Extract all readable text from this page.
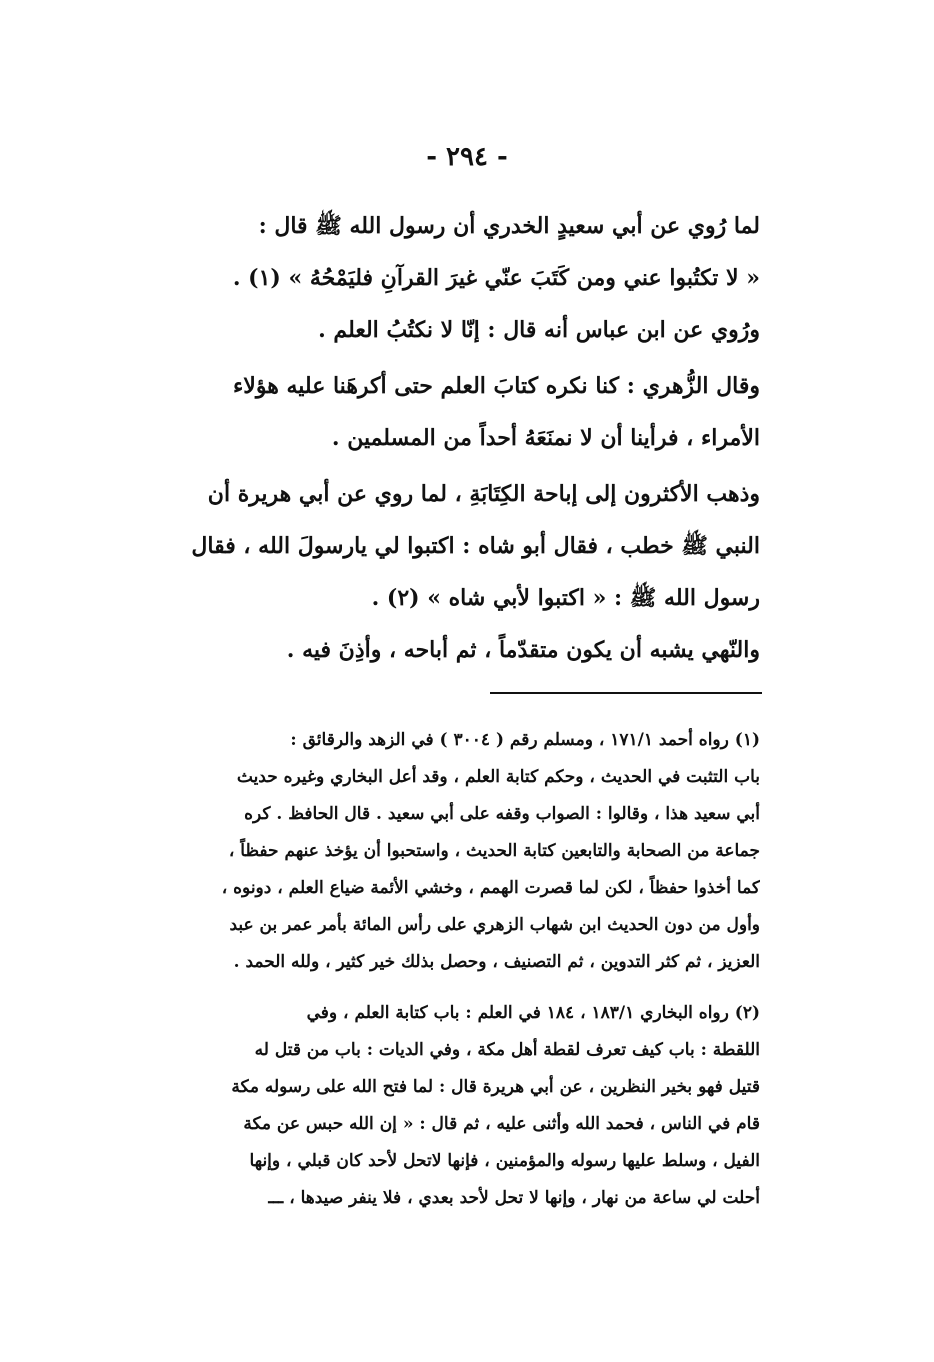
- ٢٩٤ -
لما رُوي عن أبي سعيدٍ الخدري أن رسول الله ﷺ قال :
« لا تكتُبوا عني ومن كَتَبَ عنّي غيرَ القرآنِ فليَمْحُهُ » (١) .
ورُوي عن ابن عباس أنه قال : إنّا لا نكتُبُ العلم .
وقال الزُّهري : كنا نكره كتابَ العلم حتى أكرهَنا عليه هؤلاء
الأمراء ، فرأينا أن لا نمنَعَهُ أحداً من المسلمين .
وذهب الأكثرون إلى إباحة الكِتَابَةِ ، لما روي عن أبي هريرة أن
النبي ﷺ خطب ، فقال أبو شاه : اكتبوا لي يارسولَ الله ، فقال
رسول الله ﷺ : « اكتبوا لأبي شاه » (٢) .
والنّهي يشبه أن يكون متقدّماً ، ثم أباحه ، وأذِنَ فيه .
(١) رواه أحمد ١٧١/١ ، ومسلم رقم ( ٣٠٠٤ ) في الزهد والرقائق :
باب التثبت في الحديث ، وحكم كتابة العلم ، وقد أعل البخاري وغيره حديث
أبي سعيد هذا ، وقالوا : الصواب وقفه على أبي سعيد . قال الحافظ . كره
جماعة من الصحابة والتابعين كتابة الحديث ، واستحبوا أن يؤخذ عنهم حفظاً ،
كما أخذوا حفظاً ، لكن لما قصرت الهمم ، وخشي الأئمة ضياع العلم ، دونوه ،
وأول من دون الحديث ابن شهاب الزهري على رأس المائة بأمر عمر بن عبد
العزيز ، ثم كثر التدوين ، ثم التصنيف ، وحصل بذلك خير كثير ، ولله الحمد .
(٢) رواه البخاري ١٨٣/١ ، ١٨٤ في العلم : باب كتابة العلم ، وفي
اللقطة : باب كيف تعرف لقطة أهل مكة ، وفي الديات : باب من قتل له
قتيل فهو بخير النظرين ، عن أبي هريرة قال : لما فتح الله على رسوله مكة
قام في الناس ، فحمد الله وأثنى عليه ، ثم قال : « إن الله حبس عن مكة
الفيل ، وسلط عليها رسوله والمؤمنين ، فإنها لاتحل لأحد كان قبلي ، وإنها
أحلت لي ساعة من نهار ، وإنها لا تحل لأحد بعدي ، فلا ينفر صيدها ، ـــ
